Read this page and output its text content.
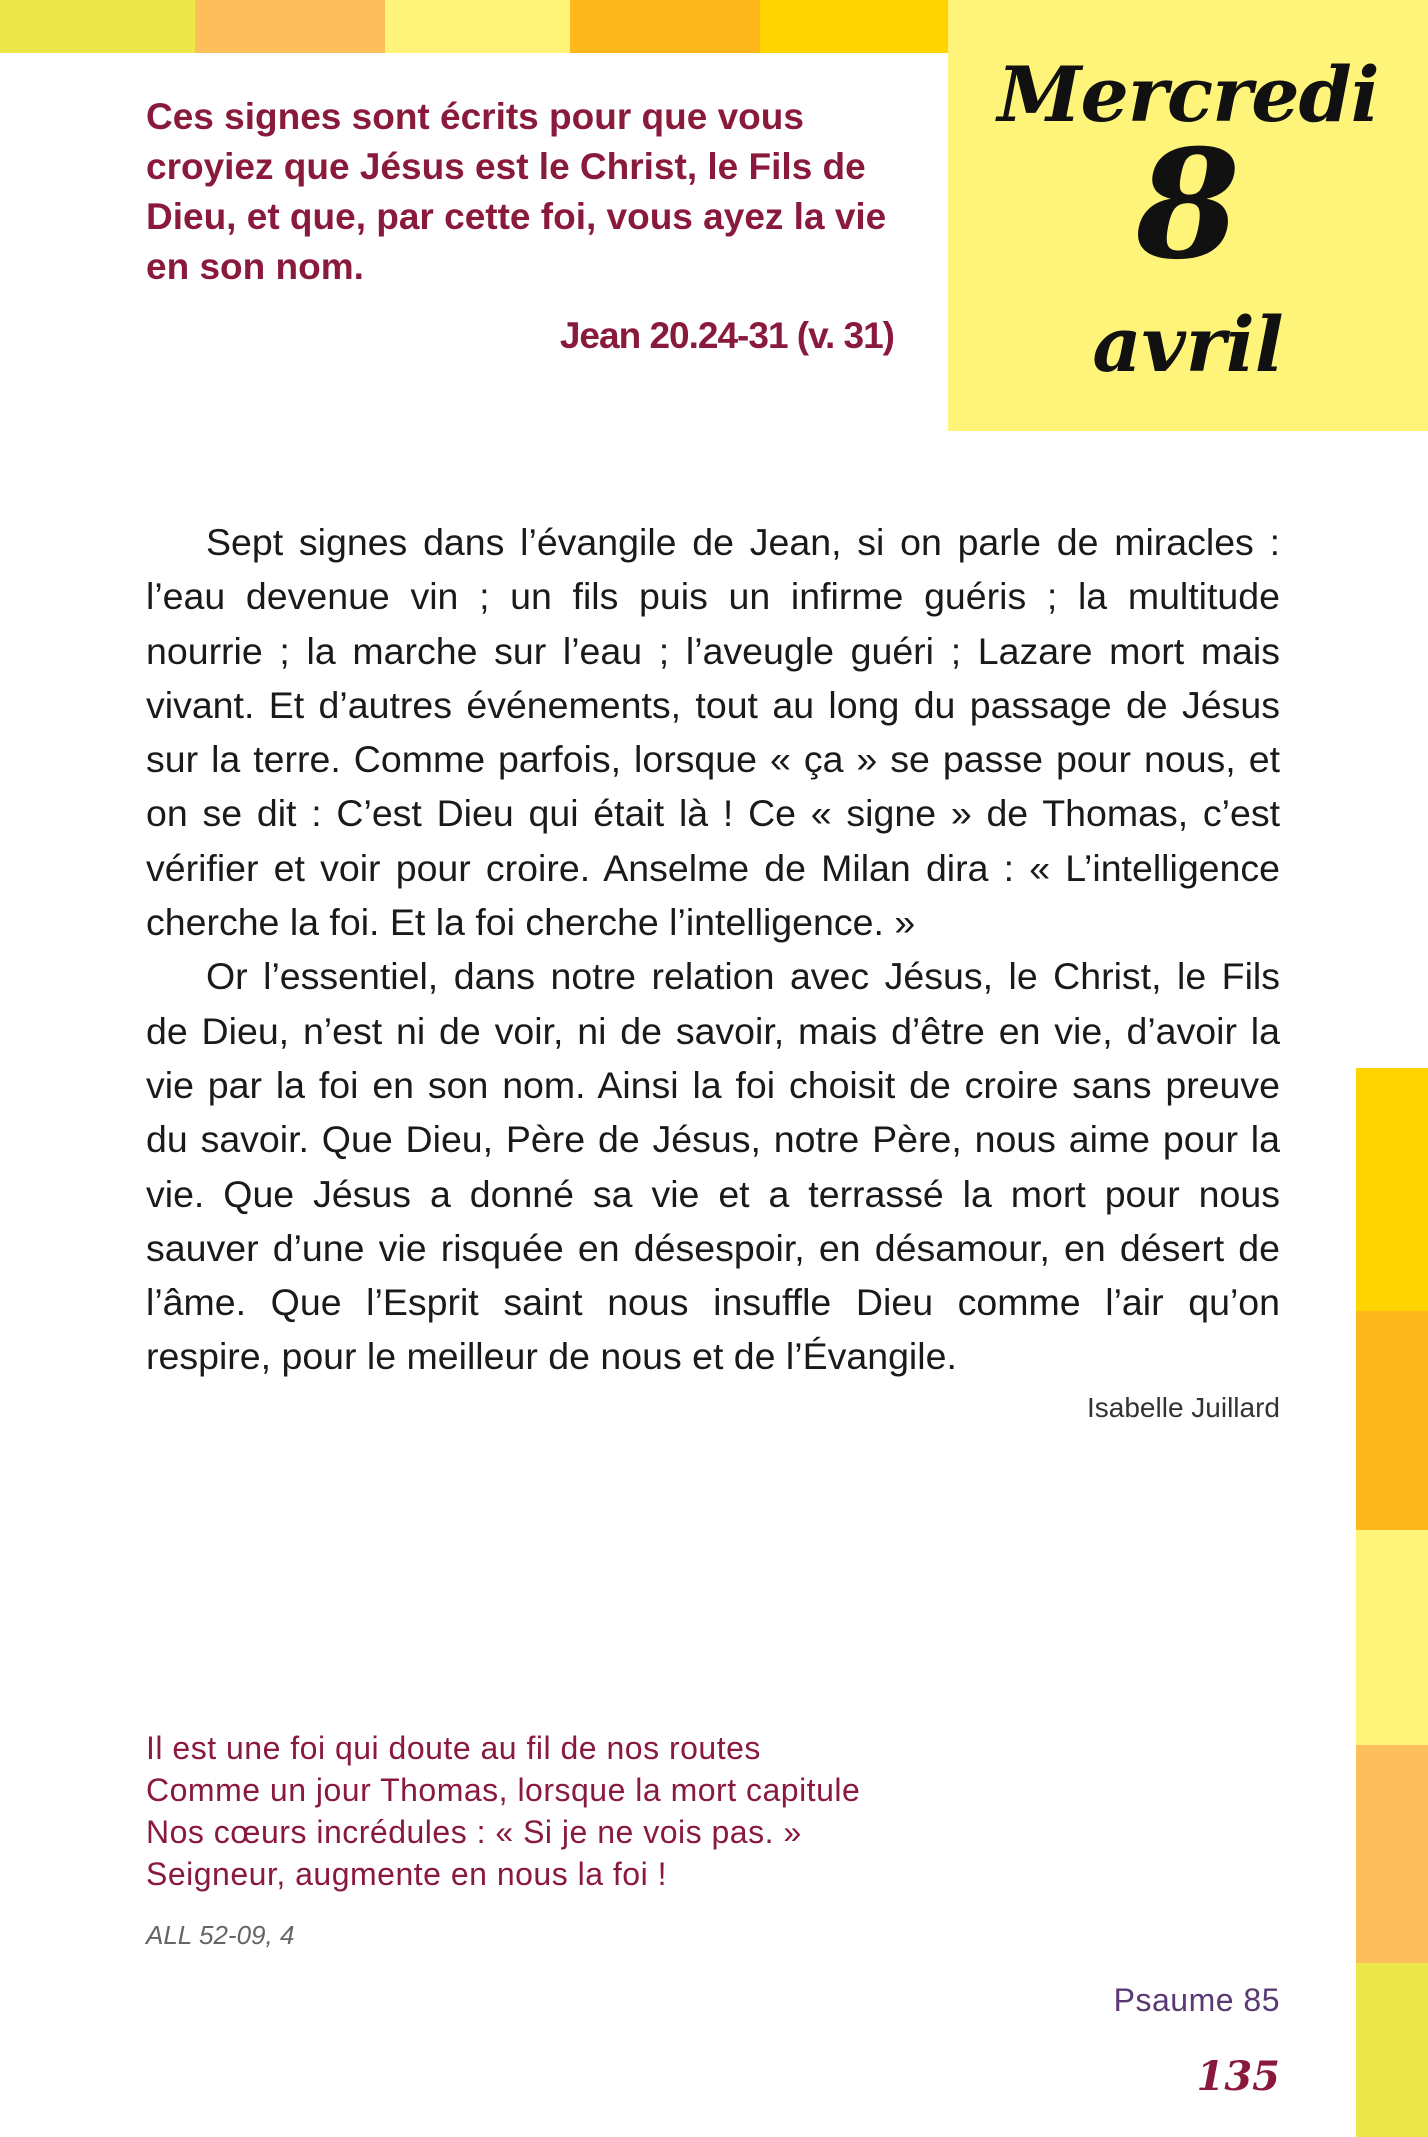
Mercredi
8
avril

Ces signes sont écrits pour que vous croyiez que Jésus est le Christ, le Fils de Dieu, et que, par cette foi, vous ayez la vie en son nom.

Jean 20.24-31 (v. 31)

Sept signes dans l’évangile de Jean, si on parle de miracles : l’eau devenue vin ; un fils puis un infirme guéris ; la multitude nourrie ; la marche sur l’eau ; l’aveugle guéri ; Lazare mort mais vivant. Et d’autres événements, tout au long du passage de Jésus sur la terre. Comme parfois, lorsque « ça » se passe pour nous, et on se dit : C’est Dieu qui était là ! Ce « signe » de Thomas, c’est vérifier et voir pour croire. Anselme de Milan dira : « L’intelligence cherche la foi. Et la foi cherche l’intelligence. »

Or l’essentiel, dans notre relation avec Jésus, le Christ, le Fils de Dieu, n’est ni de voir, ni de savoir, mais d’être en vie, d’avoir la vie par la foi en son nom. Ainsi la foi choisit de croire sans preuve du savoir. Que Dieu, Père de Jésus, notre Père, nous aime pour la vie. Que Jésus a donné sa vie et a terrassé la mort pour nous sauver d’une vie risquée en désespoir, en désamour, en désert de l’âme. Que l’Esprit saint nous insuffle Dieu comme l’air qu’on respire, pour le meilleur de nous et de l’Évangile.

Isabelle Juillard
Il est une foi qui doute au fil de nos routes
Comme un jour Thomas, lorsque la mort capitule
Nos cœurs incrédules : « Si je ne vois pas. »
Seigneur, augmente en nous la foi !
ALL 52-09, 4
Psaume 85
135
